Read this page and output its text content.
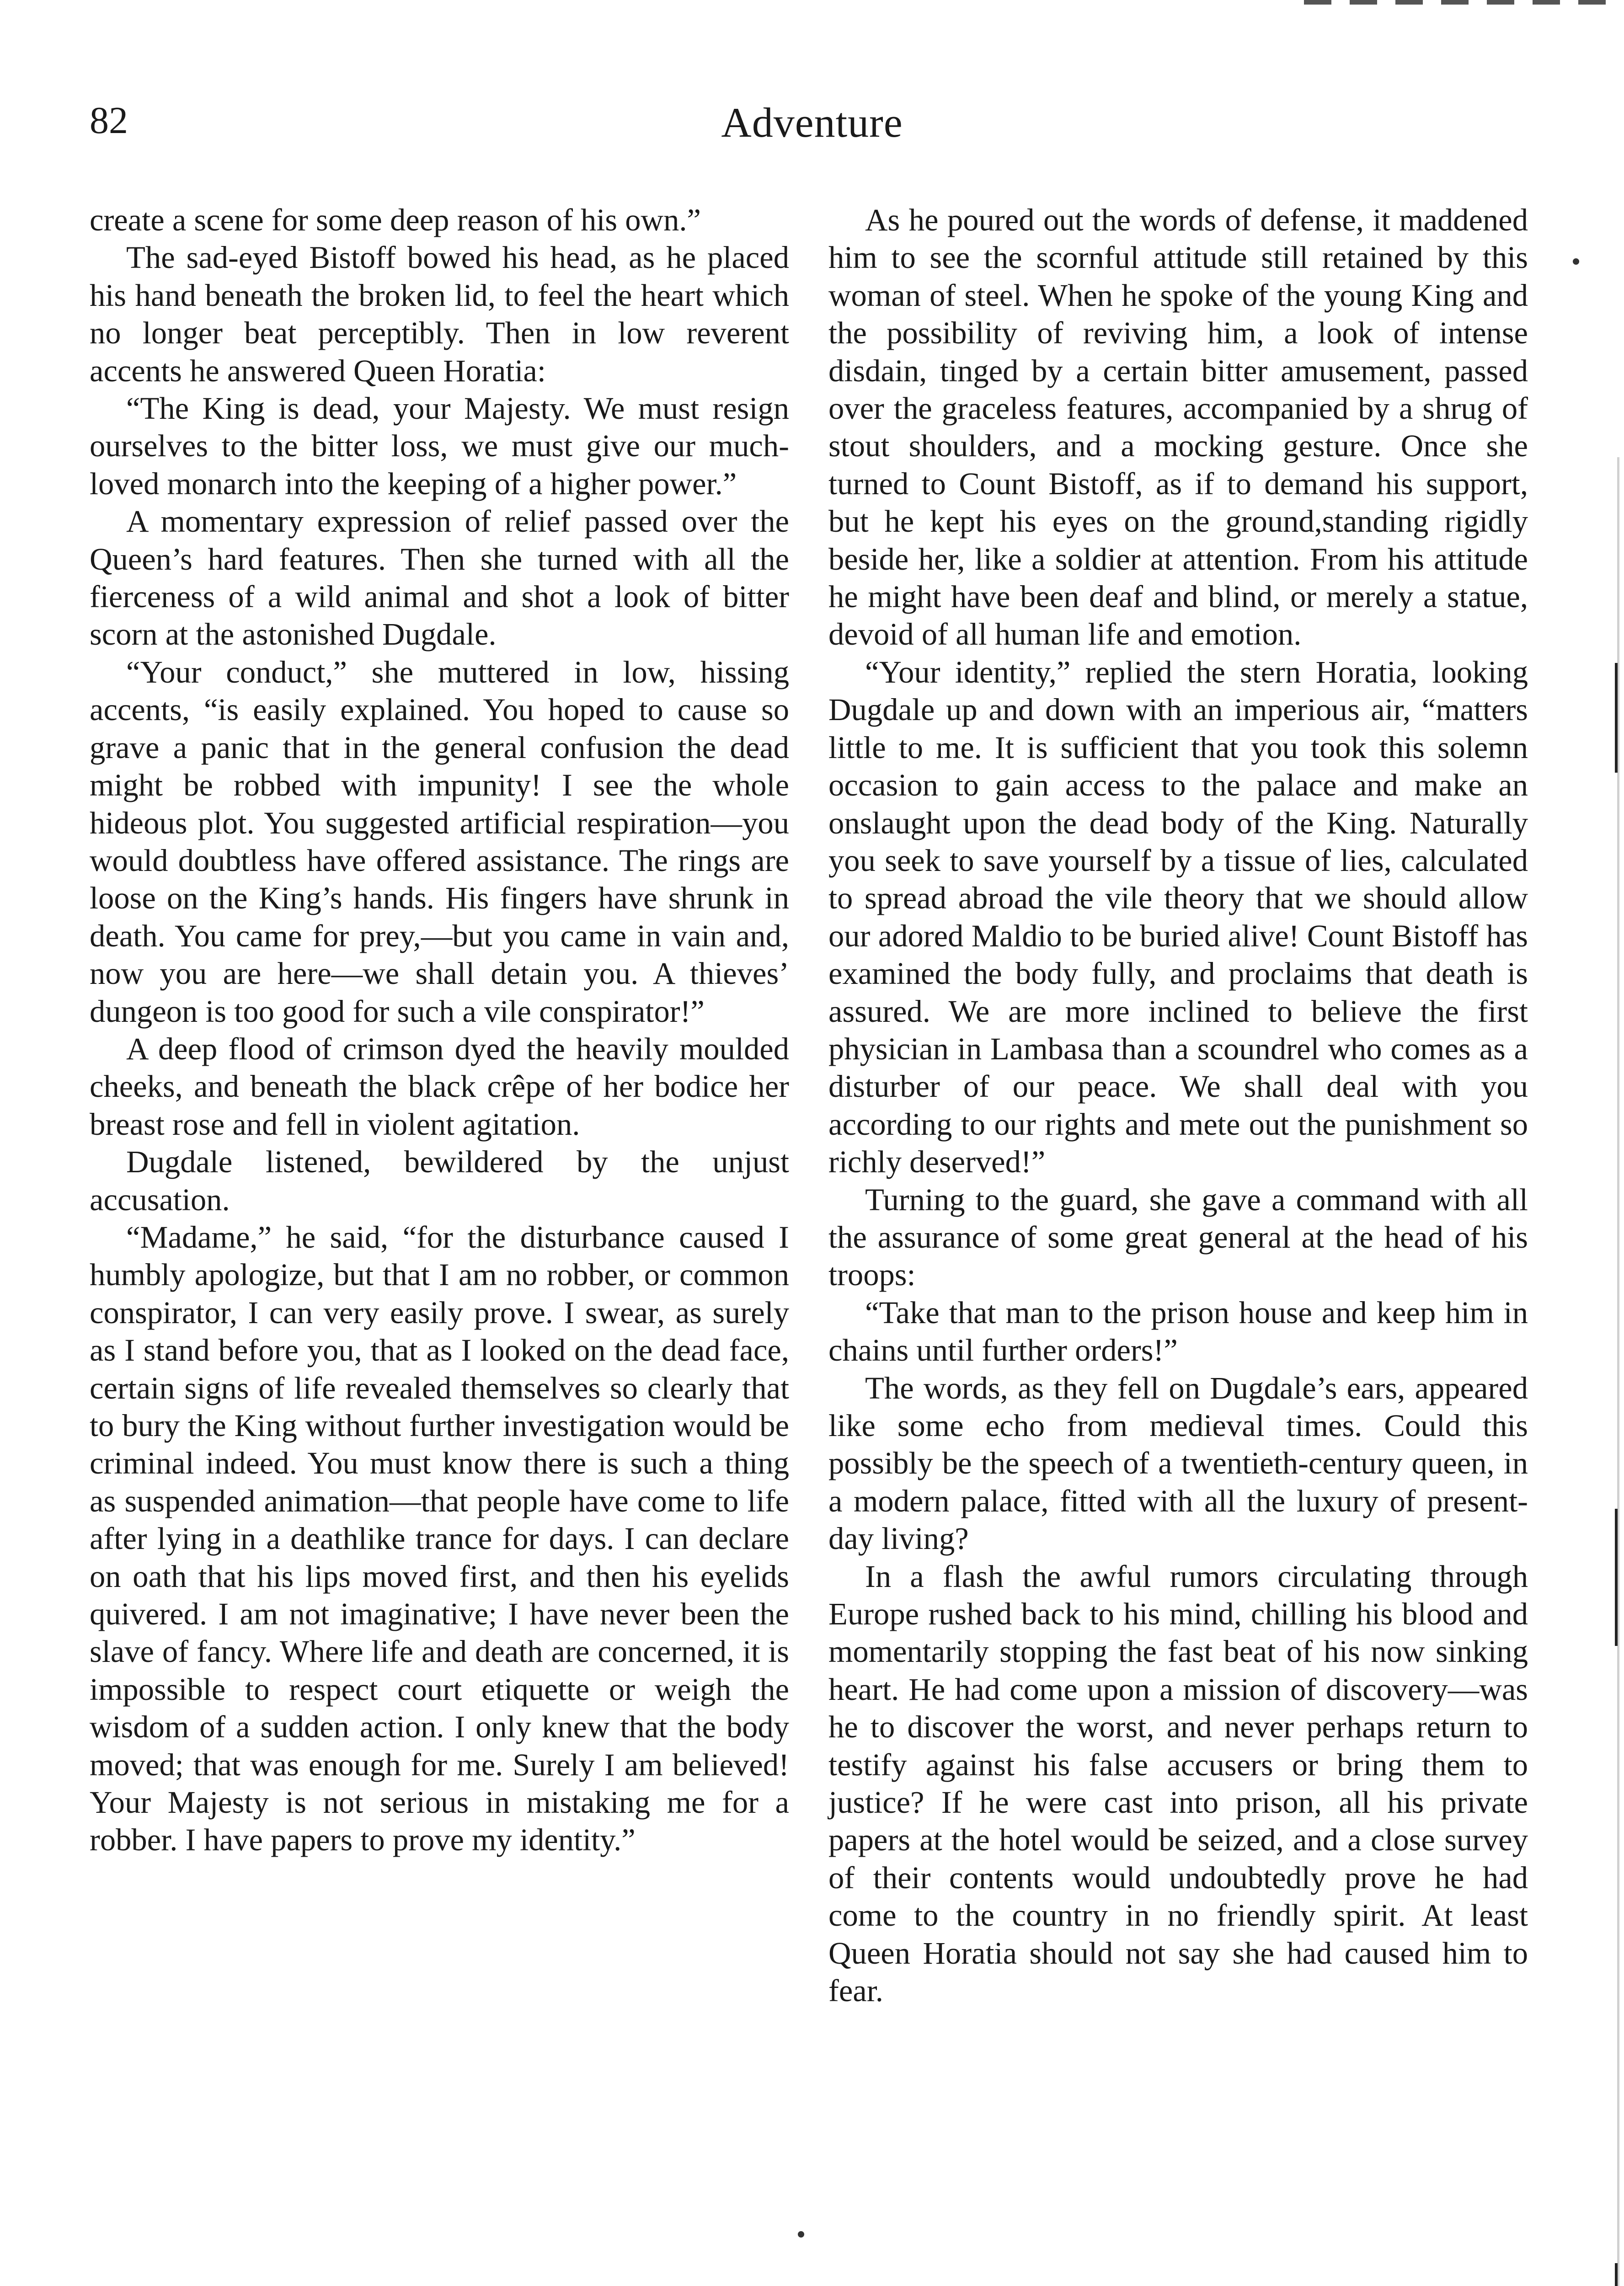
82	Adventure

create a scene for some deep reason of his own.”

The sad-eyed Bistoff bowed his head, as he placed his hand beneath the broken lid, to feel the heart which no longer beat perceptibly. Then in low reverent accents he answered Queen Horatia:

“The King is dead, your Majesty. We must resign ourselves to the bitter loss, we must give our much-loved monarch into the keeping of a higher power.”

A momentary expression of relief passed over the Queen’s hard features. Then she turned with all the fierceness of a wild animal and shot a look of bitter scorn at the astonished Dugdale.

“Your conduct,” she muttered in low, hissing accents, “is easily explained. You hoped to cause so grave a panic that in the general confusion the dead might be robbed with impunity! I see the whole hideous plot. You suggested artificial respiration—you would doubtless have offered assistance. The rings are loose on the King’s hands. His fingers have shrunk in death. You came for prey,—but you came in vain and, now you are here—we shall detain you. A thieves’ dungeon is too good for such a vile conspirator!”

A deep flood of crimson dyed the heavily moulded cheeks, and beneath the black crêpe of her bodice her breast rose and fell in violent agitation.

Dugdale listened, bewildered by the unjust accusation.

“Madame,” he said, “for the disturbance caused I humbly apologize, but that I am no robber, or common conspirator, I can very easily prove. I swear, as surely as I stand before you, that as I looked on the dead face, certain signs of life revealed themselves so clearly that to bury the King without further investigation would be criminal indeed. You must know there is such a thing as suspended animation—that people have come to life after lying in a deathlike trance for days. I can declare on oath that his lips moved first, and then his eyelids quivered. I am not imaginative; I have never been the slave of fancy. Where life and death are concerned, it is impossible to respect court etiquette or weigh the wisdom of a sudden action. I only knew that the body moved; that was enough for me. Surely I am believed! Your Majesty is not serious in mistaking me for a robber. I have papers to prove my identity.”

As he poured out the words of defense, it maddened him to see the scornful attitude still retained by this woman of steel. When he spoke of the young King and the possibility of reviving him, a look of intense disdain, tinged by a certain bitter amusement, passed over the graceless features, accompanied by a shrug of stout shoulders, and a mocking gesture. Once she turned to Count Bistoff, as if to demand his support, but he kept his eyes on the ground,standing rigidly beside her, like a soldier at attention. From his attitude he might have been deaf and blind, or merely a statue, devoid of all human life and emotion.

“Your identity,” replied the stern Horatia, looking Dugdale up and down with an imperious air, “matters little to me. It is sufficient that you took this solemn occasion to gain access to the palace and make an onslaught upon the dead body of the King. Naturally you seek to save yourself by a tissue of lies, calculated to spread abroad the vile theory that we should allow our adored Maldio to be buried alive! Count Bistoff has examined the body fully, and proclaims that death is assured. We are more inclined to believe the first physician in Lambasa than a scoundrel who comes as a disturber of our peace. We shall deal with you according to our rights and mete out the punishment so richly deserved!”

Turning to the guard, she gave a command with all the assurance of some great general at the head of his troops:

“Take that man to the prison house and keep him in chains until further orders!”

The words, as they fell on Dugdale’s ears, appeared like some echo from medieval times. Could this possibly be the speech of a twentieth-century queen, in a modern palace, fitted with all the luxury of present-day living?

In a flash the awful rumors circulating through Europe rushed back to his mind, chilling his blood and momentarily stopping the fast beat of his now sinking heart. He had come upon a mission of discovery—was he to discover the worst, and never perhaps return to testify against his false accusers or bring them to justice? If he were cast into prison, all his private papers at the hotel would be seized, and a close survey of their contents would undoubtedly prove he had come to the country in no friendly spirit. At least Queen Horatia should not say she had caused him to fear.
